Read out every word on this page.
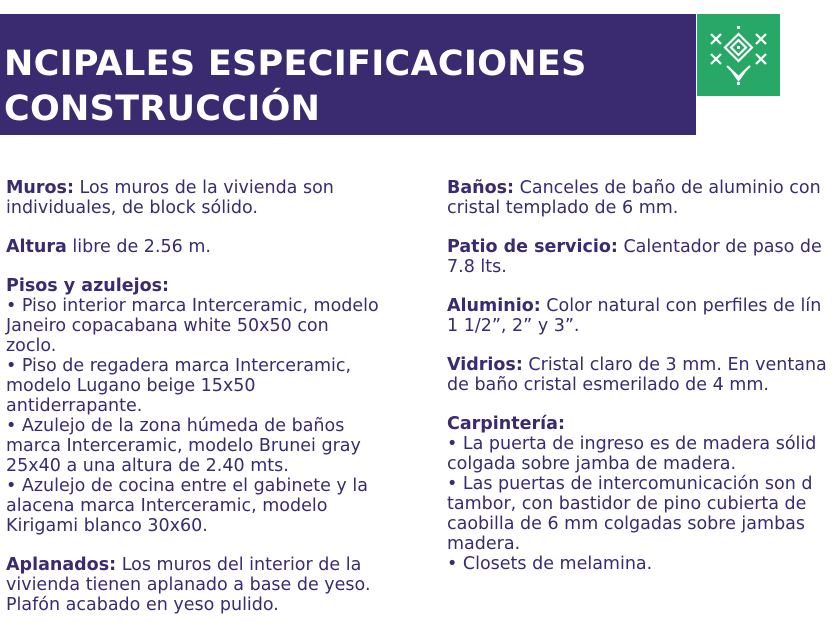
NCIPALES ESPECIFICACIONES
CONSTRUCCIÓN

Muros: Los muros de la vivienda son
individuales, de block sólido.

Altura libre de 2.56 m.

Pisos y azulejos:
• Piso interior marca Interceramic, modelo
Janeiro copacabana white 50x50 con
zoclo.
• Piso de regadera marca Interceramic,
modelo Lugano beige 15x50
antiderrapante.
• Azulejo de la zona húmeda de baños
marca Interceramic, modelo Brunei gray
25x40 a una altura de 2.40 mts.
• Azulejo de cocina entre el gabinete y la
alacena marca Interceramic, modelo
Kirigami blanco 30x60.

Aplanados: Los muros del interior de la
vivienda tienen aplanado a base de yeso.
Plafón acabado en yeso pulido.

Baños: Canceles de baño de aluminio con
cristal templado de 6 mm.

Patio de servicio: Calentador de paso de
7.8 lts.

Aluminio: Color natural con perfiles de lín
1 1/2”, 2” y 3”.

Vidrios: Cristal claro de 3 mm. En ventana
de baño cristal esmerilado de 4 mm.

Carpintería:
• La puerta de ingreso es de madera sólid
colgada sobre jamba de madera.
• Las puertas de intercomunicación son d
tambor, con bastidor de pino cubierta de
caobilla de 6 mm colgadas sobre jambas
madera.
• Closets de melamina.
